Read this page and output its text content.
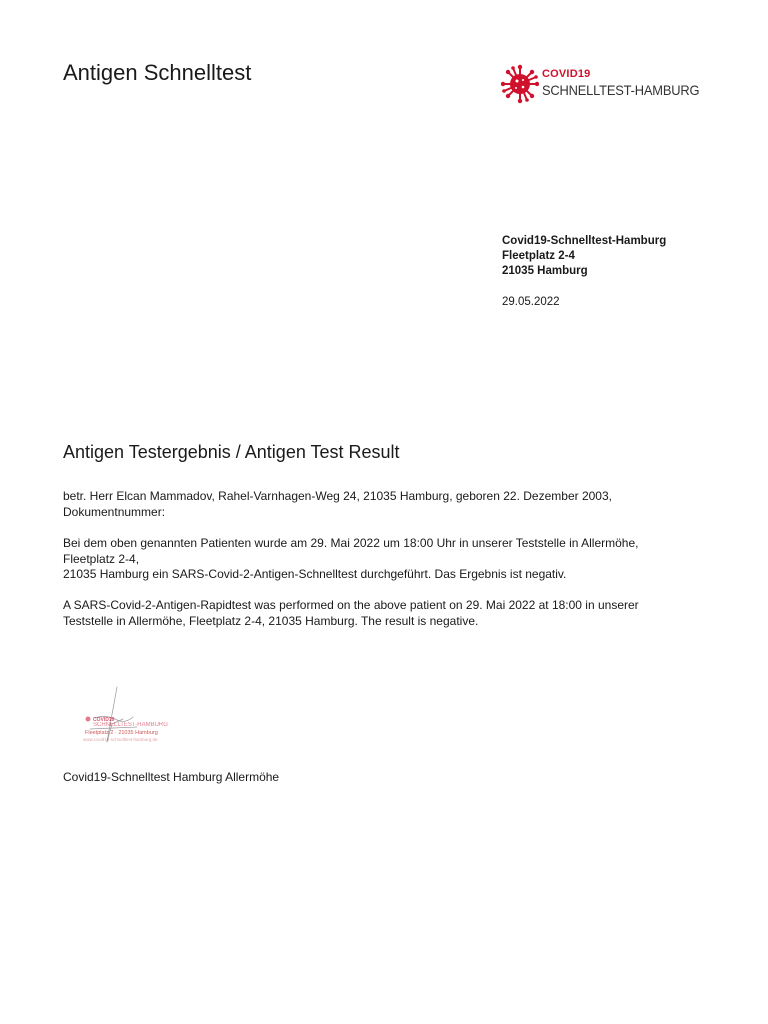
Antigen Schnelltest	COVID19
SCHNELLTEST-HAMBURG
Covid19-Schnelltest-Hamburg
Fleetplatz 2-4
21035 Hamburg
29.05.2022
Antigen Testergebnis / Antigen Test Result
betr. Herr Elcan Mammadov, Rahel-Varnhagen-Weg 24, 21035 Hamburg, geboren 22. Dezember 2003,
Dokumentnummer:
Bei dem oben genannten Patienten wurde am 29. Mai 2022 um 18:00 Uhr in unserer Teststelle in Allermöhe,
Fleetplatz 2-4,
21035 Hamburg ein SARS-Covid-2-Antigen-Schnelltest durchgeführt. Das Ergebnis ist negativ.
A SARS-Covid-2-Antigen-Rapidtest was performed on the above patient on 29. Mai 2022 at 18:00 in unserer
Teststelle in Allermöhe, Fleetplatz 2-4, 21035 Hamburg. The result is negative.
COVID19
SCHNELLTEST-HAMBURG
Fleetplatz 2 · 21035 Hamburg
www.covid19-schnelltest-hamburg.de
Covid19-Schnelltest Hamburg Allermöhe
